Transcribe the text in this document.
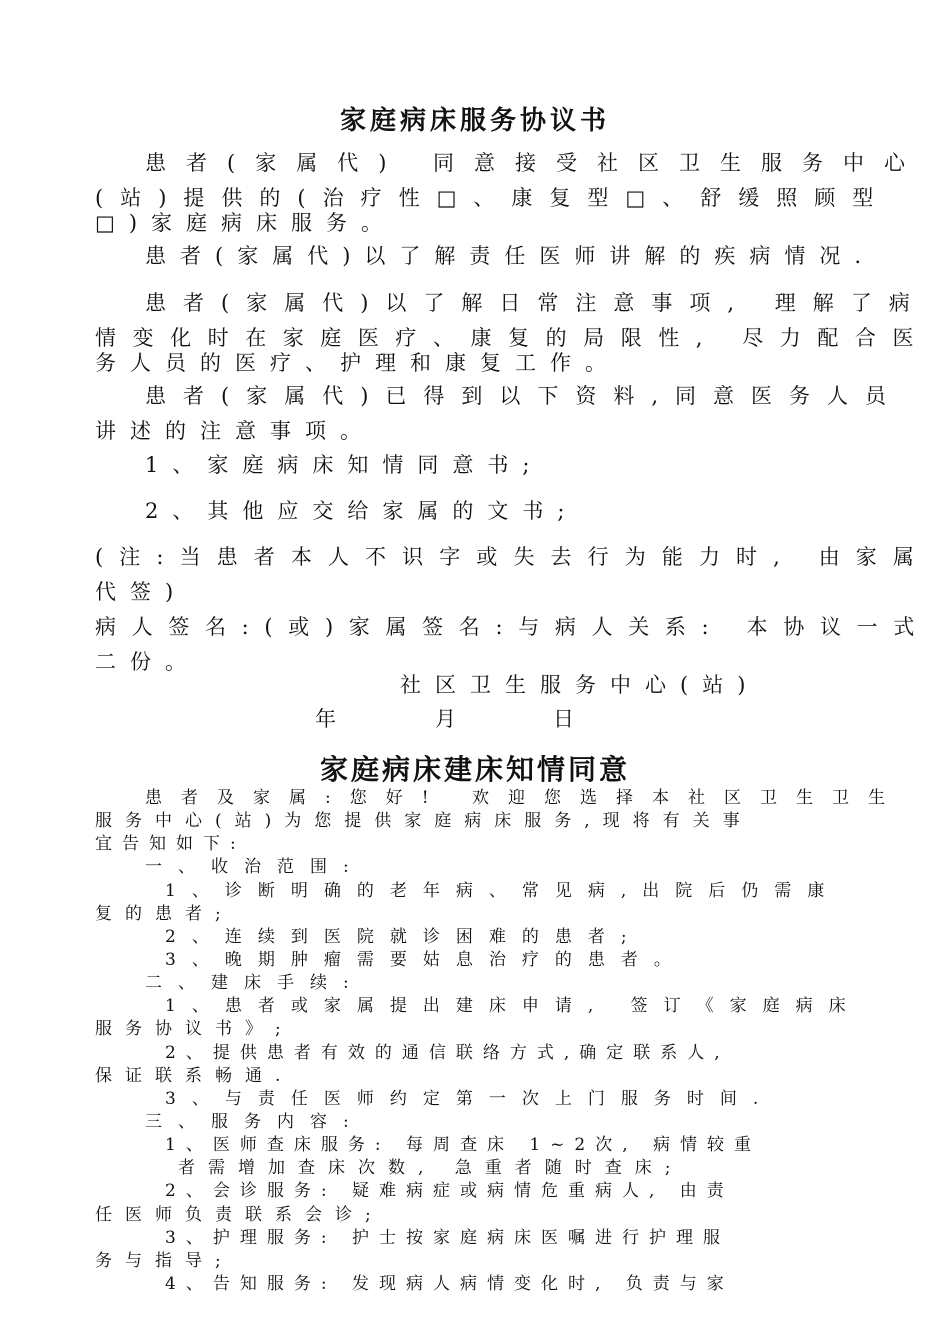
家庭病床服务协议书
患者(家属代) 同意接受社区卫生服务中心
(站)提供的(治疗性□、康复型□、舒缓照顾型
□)家庭病床服务。
患者(家属代)以了解责任医师讲解的疾病情况.
患者(家属代)以了解日常注意事项, 理解了病
情变化时在家庭医疗、康复的局限性, 尽力配合医
务人员的医疗、护理和康复工作。
患者(家属代)已得到以下资料,同意医务人员
讲述的注意事项。
1、家庭病床知情同意书;
2、其他应交给家属的文书;
(注:当患者本人不识字或失去行为能力时, 由家属
代签)
病人签名:(或)家属签名:与病人关系: 本协议一式
二份。
社区卫生服务中心(站)
年	月	日
家庭病床建床知情同意
患者及家属:您好! 欢迎您选择本社区卫生卫生
服务中心(站)为您提供家庭病床服务,现将有关事
宜告知如下:
一、收治范围:
1、诊断明确的老年病、常见病,出院后仍需康
复的患者;
2、连续到医院就诊困难的患者;
3、晚期肿瘤需要姑息治疗的患者。
二、建床手续:
1、患者或家属提出建床申请, 签订《家庭病床
服务协议书》;
2、提供患者有效的通信联络方式,确定联系人,
保证联系畅通.
3、与责任医师约定第一次上门服务时间.
三、服务内容:
1、医师查床服务: 每周查床 1~2次, 病情较重
者需增加查床次数, 急重者随时查床;
2、会诊服务: 疑难病症或病情危重病人, 由责
任医师负责联系会诊;
3、护理服务: 护士按家庭病床医嘱进行护理服
务与指导;
4、告知服务: 发现病人病情变化时, 负责与家
